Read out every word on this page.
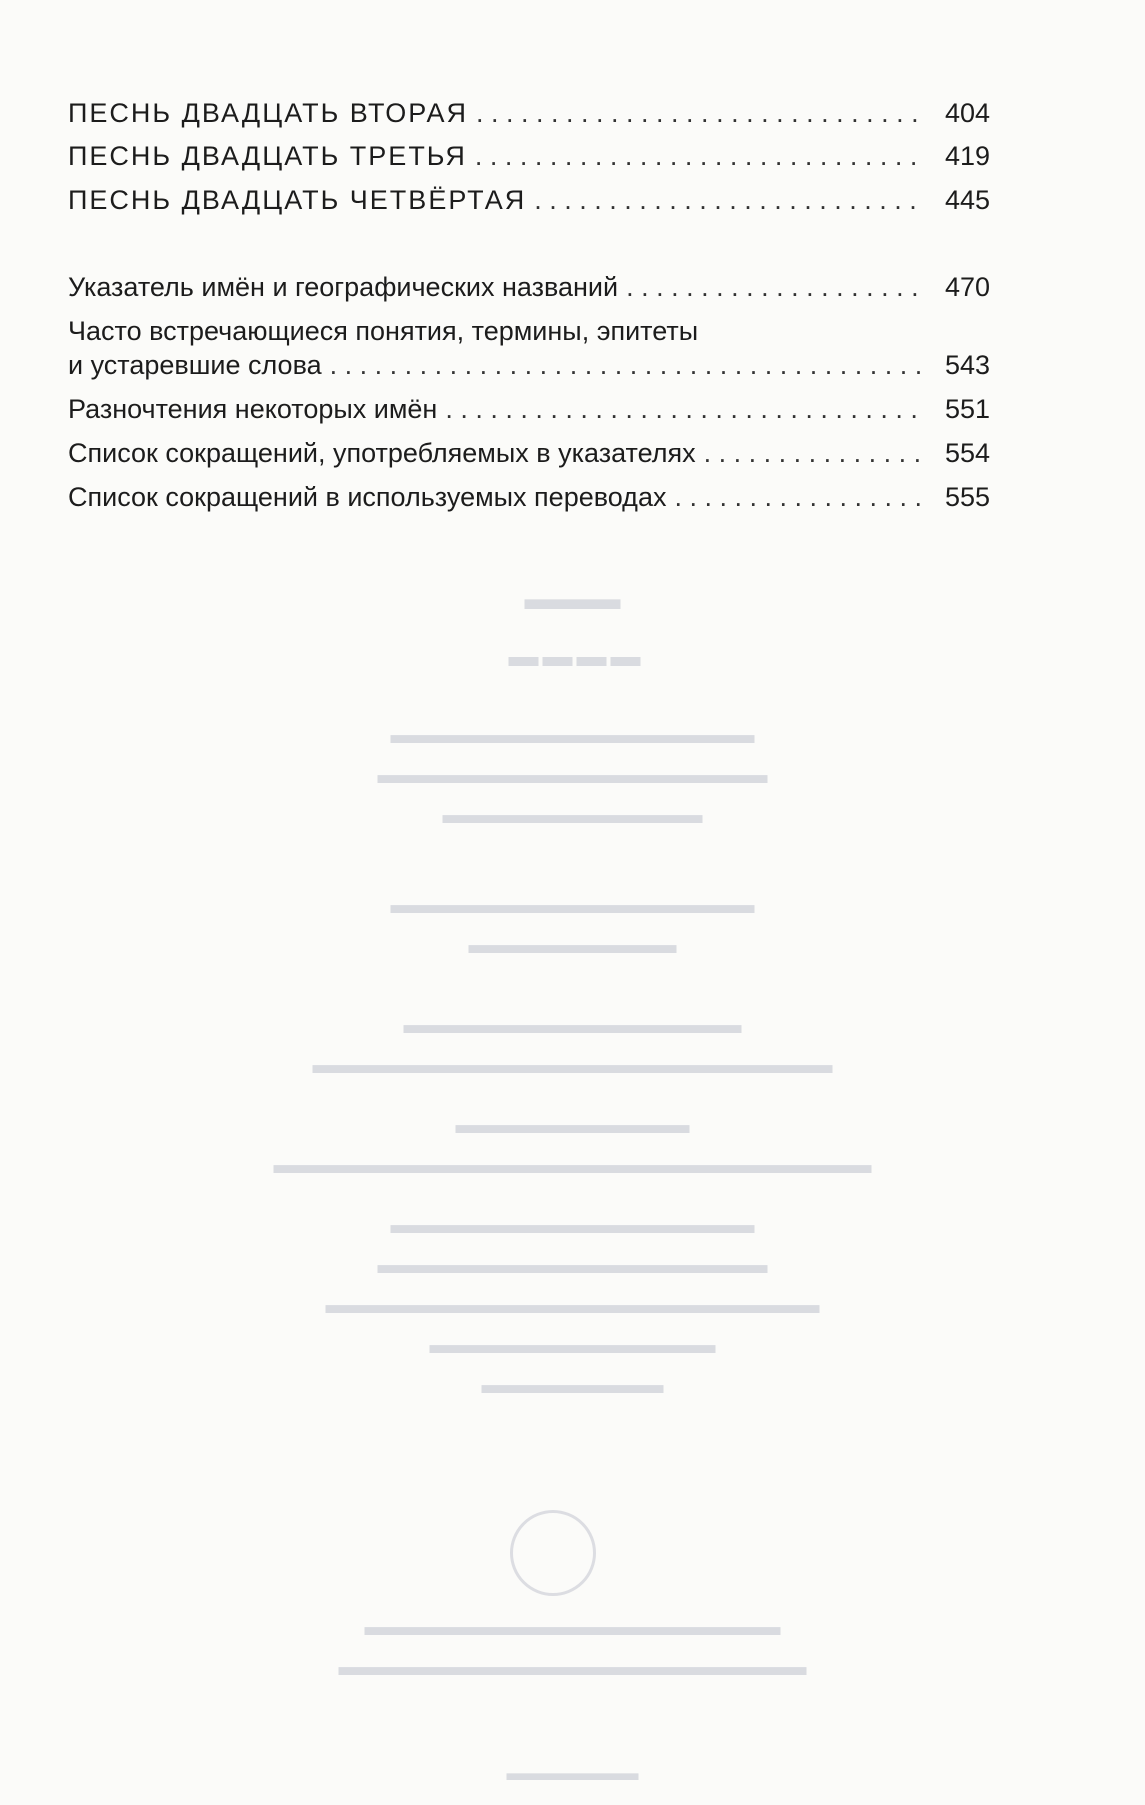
ПЕСНЬ ДВАДЦАТЬ ВТОРАЯ . . .	404
ПЕСНЬ ДВАДЦАТЬ ТРЕТЬЯ . . .	419
ПЕСНЬ ДВАДЦАТЬ ЧЕТВЁРТАЯ . . .	445
Указатель имён и географических названий . . .	470
Часто встречающиеся понятия, термины, эпитеты
и устаревшие слова . . .	543
Разночтения некоторых имён . . .	551
Список сокращений, употребляемых в указателях . . .	554
Список сокращений в используемых переводах . . .	555
▬▬▬
▬▬▬▬
▬▬▬▬▬▬▬▬▬▬▬▬▬▬
▬▬▬▬▬▬▬▬▬▬▬▬▬▬▬
▬▬▬▬▬▬▬▬▬▬
▬▬▬▬▬▬▬▬▬▬▬▬▬▬
▬▬▬▬▬▬▬▬
▬▬▬▬▬▬▬▬▬▬▬▬▬
▬▬▬▬▬▬▬▬▬▬▬▬▬▬▬▬▬▬▬▬
▬▬▬▬▬▬▬▬▬
▬▬▬▬▬▬▬▬▬▬▬▬▬▬▬▬▬▬▬▬▬▬▬
▬▬▬▬▬▬▬▬▬▬▬▬▬▬
▬▬▬▬▬▬▬▬▬▬▬▬▬▬▬
▬▬▬▬▬▬▬▬▬▬▬▬▬▬▬▬▬▬▬
▬▬▬▬▬▬▬▬▬▬▬
▬▬▬▬▬▬▬
▬▬▬▬▬▬▬▬▬▬▬▬▬▬▬▬
▬▬▬▬▬▬▬▬▬▬▬▬▬▬▬▬▬▬
▬▬▬▬▬▬
